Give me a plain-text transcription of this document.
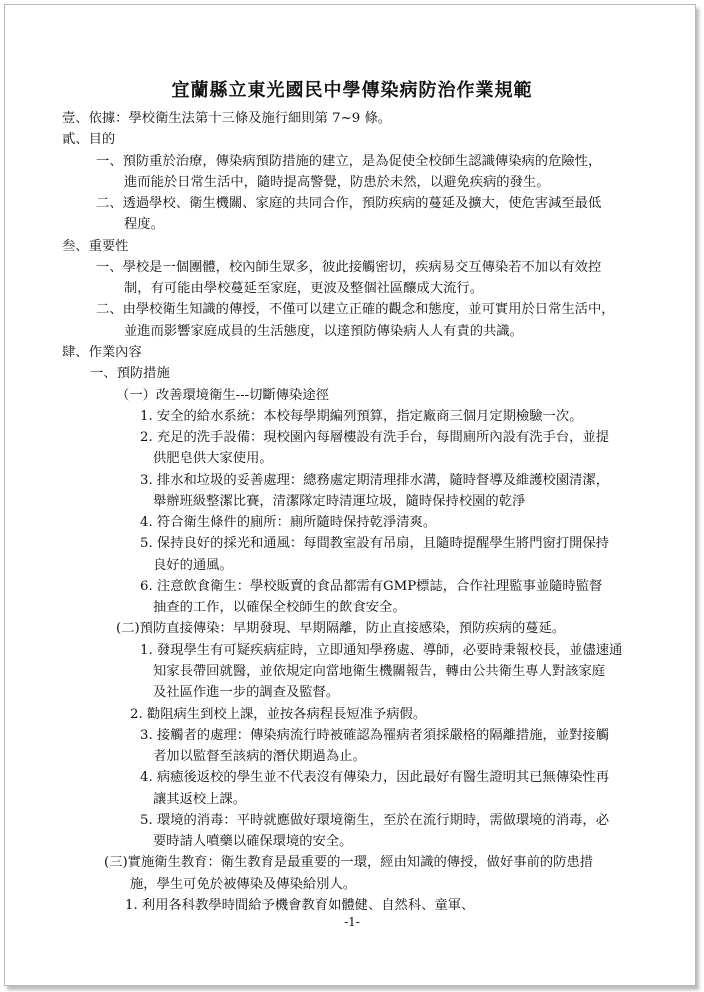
宜蘭縣立東光國民中學傳染病防治作業規範
壹、依據：學校衛生法第十三條及施行細則第 7~9 條。
貳、目的
一、預防重於治療，傳染病預防措施的建立，是為促使全校師生認識傳染病的危險性，
進而能於日常生活中，隨時提高警覺，防患於未然，以避免疾病的發生。
二、透過學校、衛生機關、家庭的共同合作，預防疾病的蔓延及擴大，使危害減至最低
程度。
叁、重要性
一、學校是一個團體，校內師生眾多，彼此接觸密切，疾病易交互傳染若不加以有效控
制，有可能由學校蔓延至家庭，更波及整個社區釀成大流行。
二、由學校衛生知識的傳授，不僅可以建立正確的觀念和態度，並可實用於日常生活中，
並進而影響家庭成員的生活態度，以達預防傳染病人人有責的共識。
肆、作業內容
一、預防措施
（一）改善環境衛生---切斷傳染途徑
1. 安全的給水系統：本校每學期編列預算，指定廠商三個月定期檢驗一次。
2. 充足的洗手設備：現校園內每層樓設有洗手台，每間廁所內設有洗手台，並提
供肥皂供大家使用。
3. 排水和垃圾的妥善處理：總務處定期清理排水溝，隨時督導及維護校園清潔，
舉辦班級整潔比賽，清潔隊定時清運垃圾，隨時保持校園的乾淨
4. 符合衛生條件的廁所：廁所隨時保持乾淨清爽。
5. 保持良好的採光和通風：每間教室設有吊扇，且隨時提醒學生將門窗打開保持
良好的通風。
6. 注意飲食衛生：學校販賣的食品都需有GMP標誌，合作社理監事並隨時監督
抽查的工作，以確保全校師生的飲食安全。
(二)預防直接傳染：早期發現、早期隔離，防止直接感染，預防疾病的蔓延。
1. 發現學生有可疑疾病症時，立即通知學務處、導師，必要時秉報校長，並儘速通
知家長帶回就醫，並依規定向當地衛生機關報告，轉由公共衛生專人對該家庭
及社區作進一步的調查及監督。
2. 勸阻病生到校上課，並按各病程長短准予病假。
3. 接觸者的處理：傳染病流行時被確認為罹病者須採嚴格的隔離措施，並對接觸
者加以監督至該病的潛伏期過為止。
4. 病癒後返校的學生並不代表沒有傳染力，因此最好有醫生證明其已無傳染性再
讓其返校上課。
5. 環境的消毒：平時就應做好環境衛生，至於在流行期時，需做環境的消毒，必
要時請人噴藥以確保環境的安全。
(三)實施衛生教育：衛生教育是最重要的一環，經由知識的傳授，做好事前的防患措
施，學生可免於被傳染及傳染給別人。
1. 利用各科教學時間給予機會教育如體健、自然科、童軍、
-1-
